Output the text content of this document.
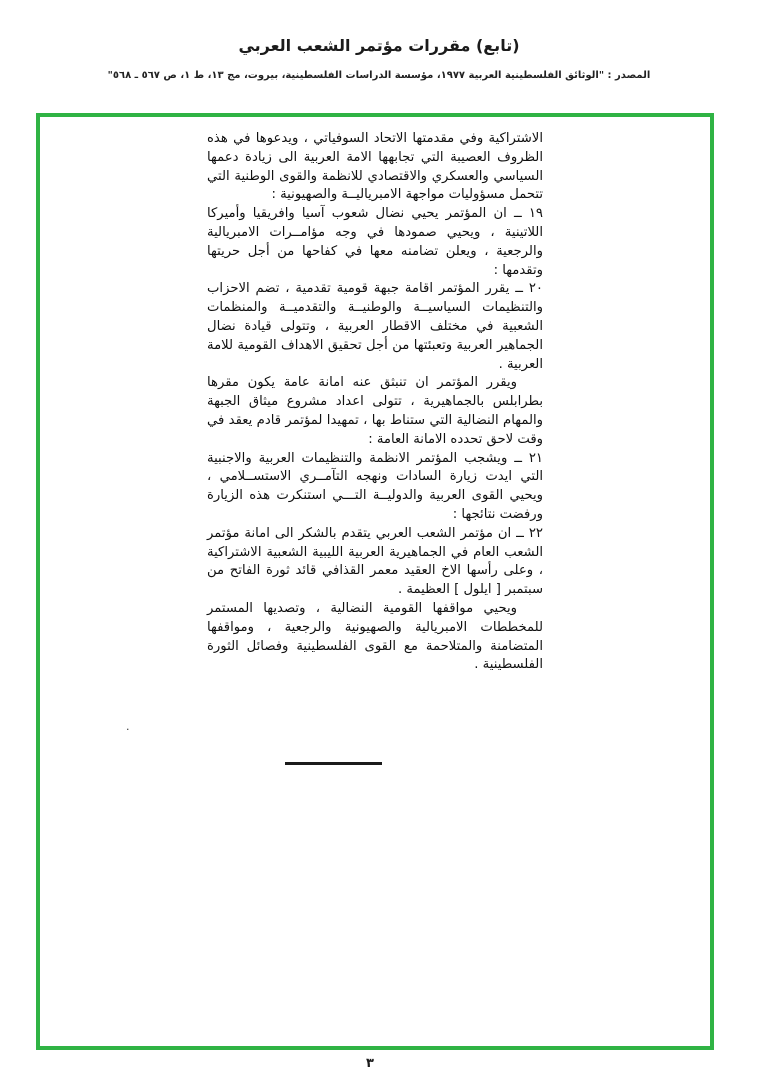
(تابع) مقررات مؤتمر الشعب العربي
المصدر : "الوثائق الفلسطينية العربية ١٩٧٧، مؤسسة الدراسات الفلسطينية، بيروت، مج ١٣، ط ١، ص ٥٦٧ ـ ٥٦٨"

الاشتراكية وفي مقدمتها الاتحاد السوفياتي ، ويدعوها في هذه الظروف العصيبة التي تجابهها الامة العربية الى زيادة دعمها السياسي والعسكري والاقتصادي للانظمة والقوى الوطنية التي تتحمل مسؤوليات مواجهة الامبرياليــة والصهيونية :

١٩ ــ ان المؤتمر يحيي نضال شعوب آسيا وافريقيا وأميركا اللاتينية ، ويحيي صمودها في وجه مؤامــرات الامبريالية والرجعية ، ويعلن تضامنه معها في كفاحها من أجل حريتها وتقدمها :

٢٠ ــ يقرر المؤتمر اقامة جبهة قومية تقدمية ، تضم الاحزاب والتنظيمات السياسيــة والوطنيــة والتقدميــة والمنظمات الشعبية في مختلف الاقطار العربية ، وتتولى قيادة نضال الجماهير العربية وتعبئتها من أجل تحقيق الاهداف القومية للامة العربية .

ويقرر المؤتمر ان تنبثق عنه امانة عامة يكون مقرها بطرابلس بالجماهيرية ، تتولى اعداد مشروع ميثاق الجبهة والمهام النضالية التي ستناط بها ، تمهيدا لمؤتمر قادم يعقد في وقت لاحق تحدده الامانة العامة :

٢١ ــ ويشجب المؤتمر الانظمة والتنظيمات العربية والاجنبية التي ايدت زيارة السادات ونهجه التآمــري الاستســلامي ، ويحيي القوى العربية والدوليــة التـــي استنكرت هذه الزيارة ورفضت نتائجها :

٢٢ ــ ان مؤتمر الشعب العربي يتقدم بالشكر الى امانة مؤتمر الشعب العام في الجماهيرية العربية الليبية الشعبية الاشتراكية ، وعلى رأسها الاخ العقيد معمر القذافي قائد ثورة الفاتح من سبتمبر [ ايلول ] العظيمة .

ويحيي مواقفها القومية النضالية ، وتصديها المستمر للمخططات الامبريالية والصهيونية والرجعية ، ومواقفها المتضامنة والمتلاحمة مع القوى الفلسطينية وفصائل الثورة الفلسطينية .

·
٣
